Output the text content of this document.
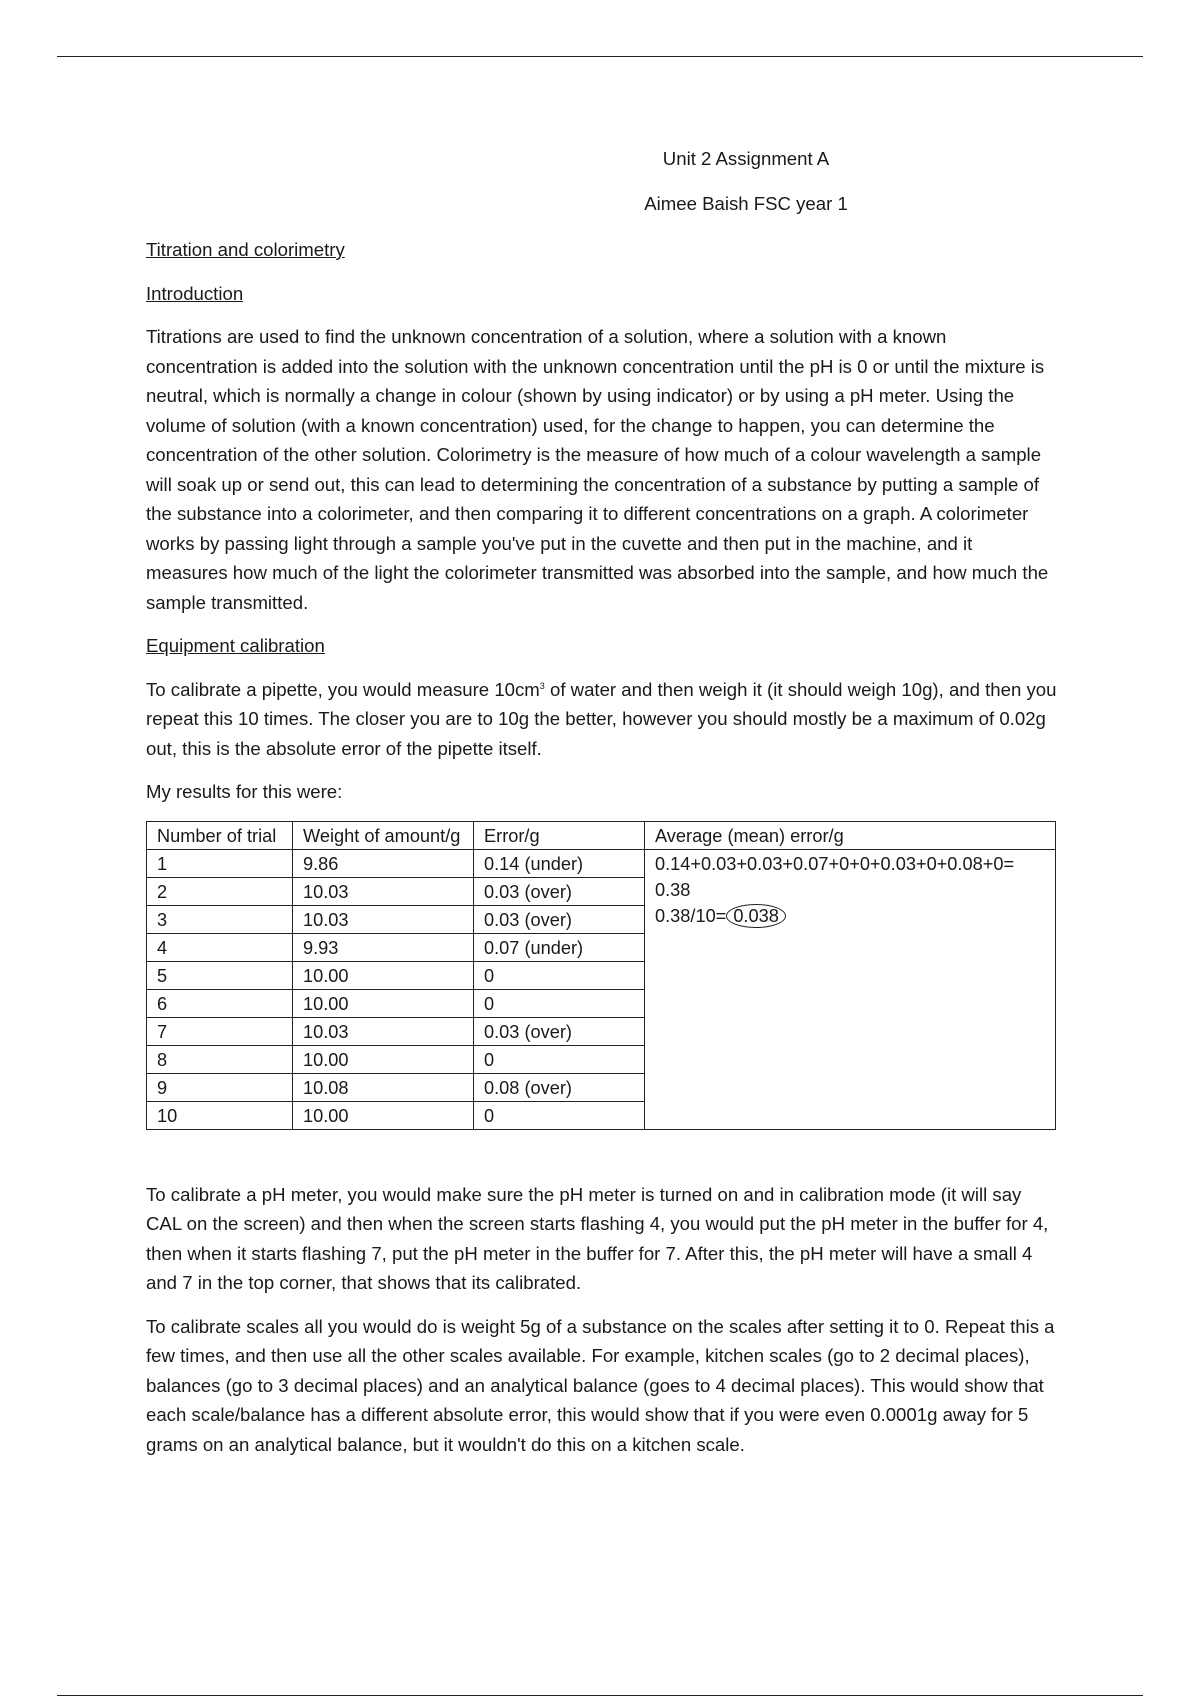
Unit 2 Assignment A
Aimee Baish FSC year 1
Titration and colorimetry
Introduction

Titrations are used to find the unknown concentration of a solution, where a solution with a known concentration is added into the solution with the unknown concentration until the pH is 0 or until the mixture is neutral, which is normally a change in colour (shown by using indicator) or by using a pH meter. Using the volume of solution (with a known concentration) used, for the change to happen, you can determine the concentration of the other solution. Colorimetry is the measure of how much of a colour wavelength a sample will soak up or send out, this can lead to determining the concentration of a substance by putting a sample of the substance into a colorimeter, and then comparing it to different concentrations on a graph. A colorimeter works by passing light through a sample you've put in the cuvette and then put in the machine, and it measures how much of the light the colorimeter transmitted was absorbed into the sample, and how much the sample transmitted.

Equipment calibration

To calibrate a pipette, you would measure $10cm^3$ of water and then weigh it (it should weigh 10g), and then you repeat this 10 times. The closer you are to 10g the better, however you should mostly be a maximum of 0.02g out, this is the absolute error of the pipette itself.

My results for this were:

Number of trial	Weight of amount/g	Error/g	Average (mean) error/g
1	9.86	0.14 (under)	0.14+0.03+0.03+0.07+0+0+0.03+0+0.08+0=
0.38
0.38/10= 0.038

2	10.03	0.03 (over)	
3	10.03	0.03 (over)	
4	9.93	0.07 (under)	
5	10.00	0	
6	10.00	0	
7	10.03	0.03 (over)	
8	10.00	0	
9	10.08	0.08 (over)	
10	10.00	0	

To calibrate a pH meter, you would make sure the pH meter is turned on and in calibration mode (it will say CAL on the screen) and then when the screen starts flashing 4, you would put the pH meter in the buffer for 4, then when it starts flashing 7, put the pH meter in the buffer for 7. After this, the pH meter will have a small 4 and 7 in the top corner, that shows that its calibrated.

To calibrate scales all you would do is weight 5g of a substance on the scales after setting it to 0. Repeat this a few times, and then use all the other scales available. For example, kitchen scales (go to 2 decimal places), balances (go to 3 decimal places) and an analytical balance (goes to 4 decimal places). This would show that each scale/balance has a different absolute error, this would show that if you were even 0.0001g away for 5 grams on an analytical balance, but it wouldn't do this on a kitchen scale.
